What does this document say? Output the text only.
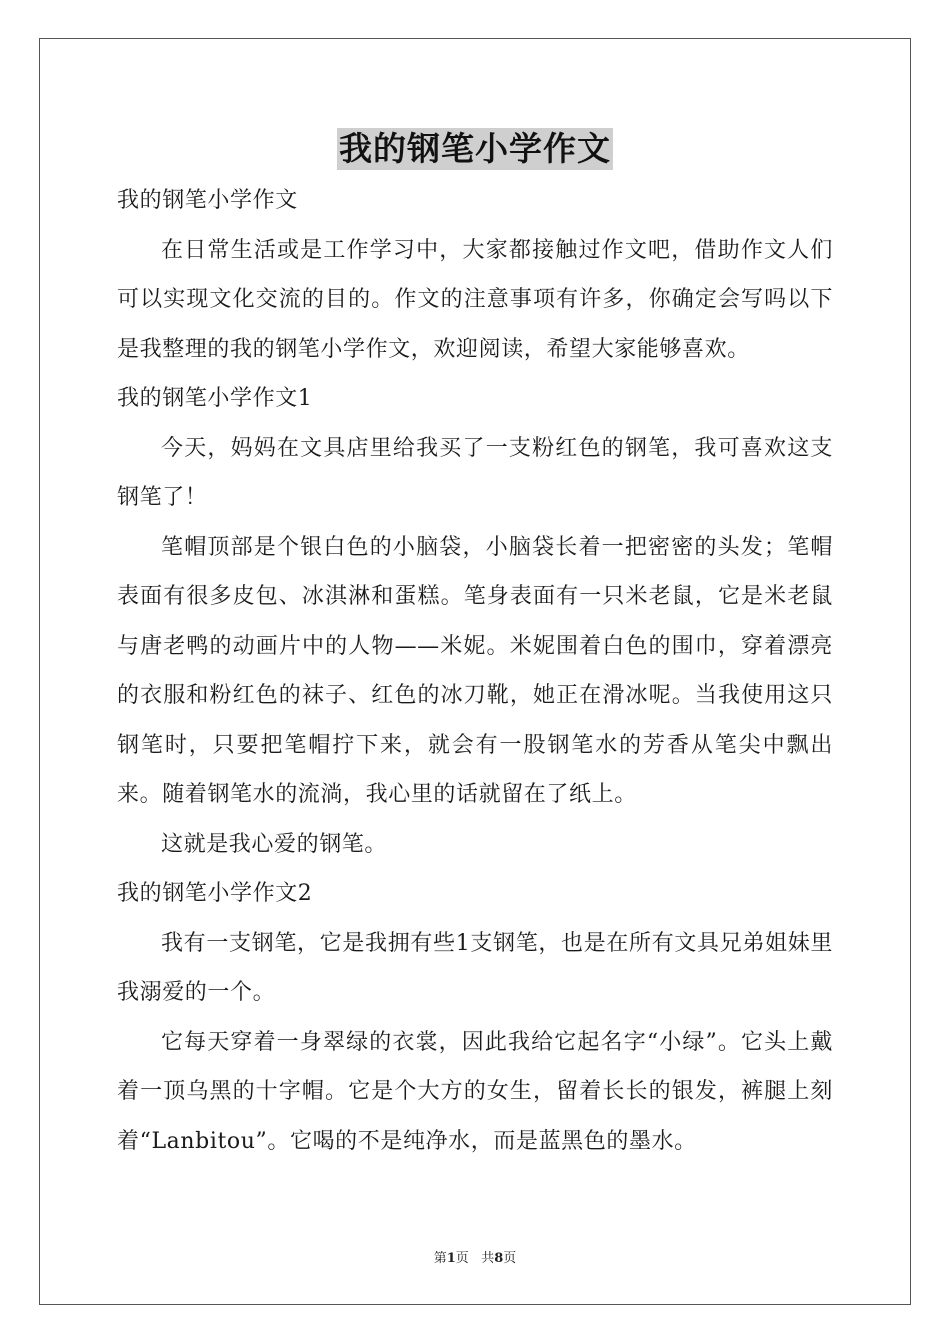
我的钢笔小学作文

我的钢笔小学作文

在日常生活或是工作学习中，大家都接触过作文吧，借助作文人们可以实现文化交流的目的。作文的注意事项有许多，你确定会写吗以下是我整理的我的钢笔小学作文，欢迎阅读，希望大家能够喜欢。

我的钢笔小学作文1

今天，妈妈在文具店里给我买了一支粉红色的钢笔，我可喜欢这支钢笔了！

笔帽顶部是个银白色的小脑袋，小脑袋长着一把密密的头发；笔帽表面有很多皮包、冰淇淋和蛋糕。笔身表面有一只米老鼠，它是米老鼠与唐老鸭的动画片中的人物——米妮。米妮围着白色的围巾，穿着漂亮的衣服和粉红色的袜子、红色的冰刀靴，她正在滑冰呢。当我使用这只钢笔时，只要把笔帽拧下来，就会有一股钢笔水的芳香从笔尖中飘出来。随着钢笔水的流淌，我心里的话就留在了纸上。

这就是我心爱的钢笔。

我的钢笔小学作文2

我有一支钢笔，它是我拥有些1支钢笔，也是在所有文具兄弟姐妹里我溺爱的一个。

它每天穿着一身翠绿的衣裳，因此我给它起名字“小绿”。它头上戴着一顶乌黑的十字帽。它是个大方的女生，留着长长的银发，裤腿上刻着“Lanbitou”。它喝的不是纯净水，而是蓝黑色的墨水。

第1页 共8页
